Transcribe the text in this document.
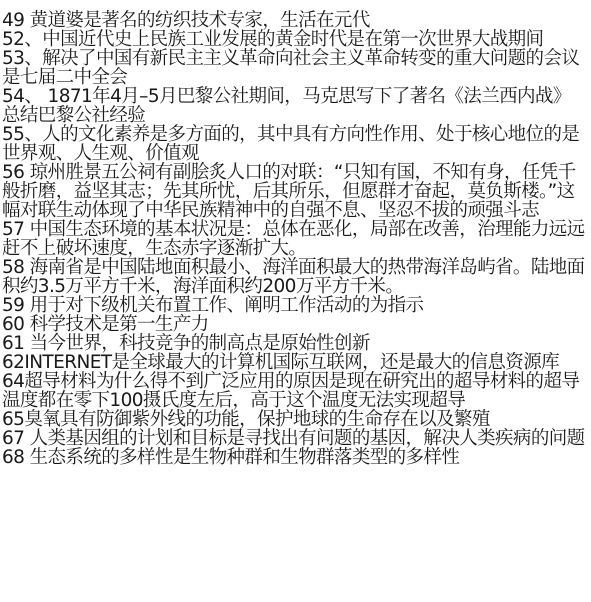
49 黄道婆是著名的纺织技术专家，生活在元代

52、中国近代史上民族工业发展的黄金时代是在第一次世界大战期间

53、解决了中国有新民主主义革命向社会主义革命转变的重大问题的会议是七届二中全会

54、 1871年4月–5月巴黎公社期间，马克思写下了著名《法兰西内战》总结巴黎公社经验

55、人的文化素养是多方面的，其中具有方向性作用、处于核心地位的是世界观、人生观、价值观

56 琼州胜景五公祠有副脍炙人口的对联：“只知有国，不知有身，任凭千般折磨，益坚其志；先其所忧，后其所乐，但愿群才奋起，莫负斯楼。”这幅对联生动体现了中华民族精神中的自强不息、坚忍不拔的顽强斗志

57 中国生态环境的基本状况是：总体在恶化，局部在改善，治理能力远远赶不上破坏速度，生态赤字逐渐扩大。

58 海南省是中国陆地面积最小、海洋面积最大的热带海洋岛屿省。陆地面积约3.5万平方千米，海洋面积约200万平方千米。

59 用于对下级机关布置工作、阐明工作活动的为指示

60 科学技术是第一生产力

61 当今世界，科技竞争的制高点是原始性创新

62INTERNET是全球最大的计算机国际互联网，还是最大的信息资源库

64超导材料为什么得不到广泛应用的原因是现在研究出的超导材料的超导温度都在零下100摄氏度左后，高于这个温度无法实现超导

65臭氧具有防御紫外线的功能，保护地球的生命存在以及繁殖

67 人类基因组的计划和目标是寻找出有问题的基因，解决人类疾病的问题

68 生态系统的多样性是生物种群和生物群落类型的多样性
